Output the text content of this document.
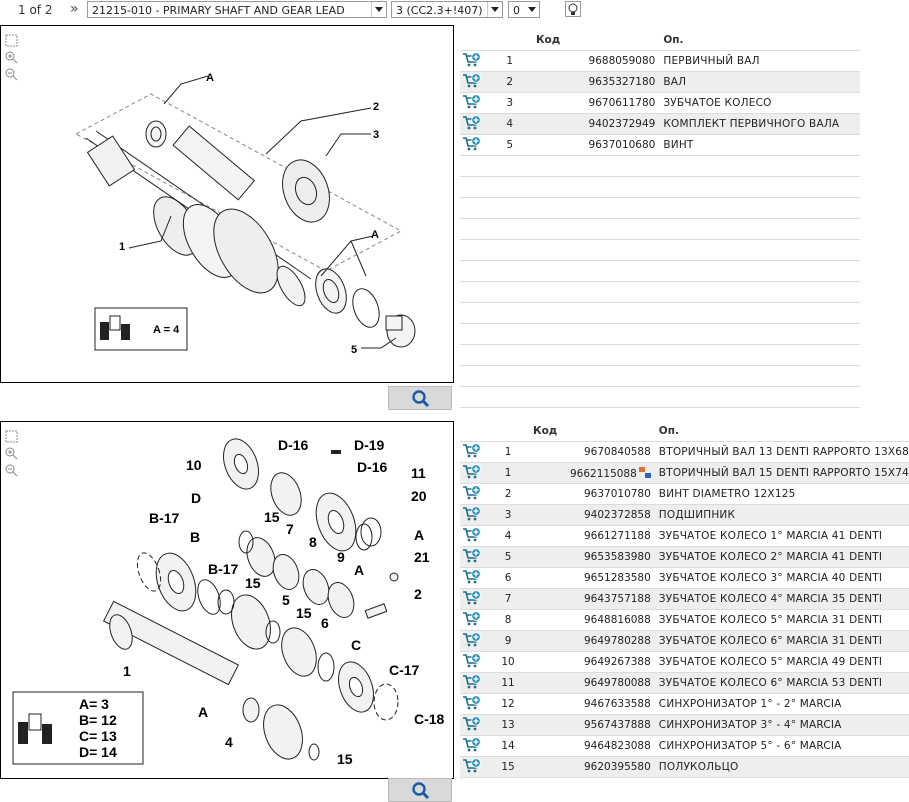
1 of 2 »	21215-010 - PRIMARY SHAFT AND GEAR LEAD	3 (CC2.3+!407)	0
A
2
3
1
A
5
A = 4
		Код	Оп.
	1	9688059080	ПЕРВИЧНЫЙ ВАЛ
	2	9635327180	ВАЛ
	3	9670611780	ЗУБЧАТОЕ КОЛЕСО
	4	9402372949	КОМПЛЕКТ ПЕРВИЧНОГО ВАЛА
	5	9637010680	ВИНТ

D-16	D-19
10	D-16 11
D	20
B-17	15
7
B	8	A
9	21
B-17
15
A
2
5
15
6
C
C-17
1
C-18
A
4
15
A= 3
B= 12
C= 13
D= 14
		Код	Оп.
	1	9670840588	ВТОРИЧНЫЙ ВАЛ 13 DENTI RAPPORTO 13X68
	1	9662115088	ВТОРИЧНЫЙ ВАЛ 15 DENTI RAPPORTO 15X74
	2	9637010780	ВИНТ DIAMETRO 12X125
	3	9402372858	ПОДШИПНИК
	4	9661271188	ЗУБЧАТОЕ КОЛЕСО 1° MARCIA 41 DENTI
	5	9653583980	ЗУБЧАТОЕ КОЛЕСО 2° MARCIA 41 DENTI
	6	9651283580	ЗУБЧАТОЕ КОЛЕСО 3° MARCIA 40 DENTI
	7	9643757188	ЗУБЧАТОЕ КОЛЕСО 4° MARCIA 35 DENTI
	8	9648816088	ЗУБЧАТОЕ КОЛЕСО 5° MARCIA 31 DENTI
	9	9649780288	ЗУБЧАТОЕ КОЛЕСО 6° MARCIA 31 DENTI
	10	9649267388	ЗУБЧАТОЕ КОЛЕСО 5° MARCIA 49 DENTI
	11	9649780088	ЗУБЧАТОЕ КОЛЕСО 6° MARCIA 53 DENTI
	12	9467633588	СИНХРОНИЗАТОР 1° - 2° MARCIA
	13	9567437888	СИНХРОНИЗАТОР 3° - 4° MARCIA
	14	9464823088	СИНХРОНИЗАТОР 5° - 6° MARCIA
	15	9620395580	ПОЛУКОЛЬЦО
